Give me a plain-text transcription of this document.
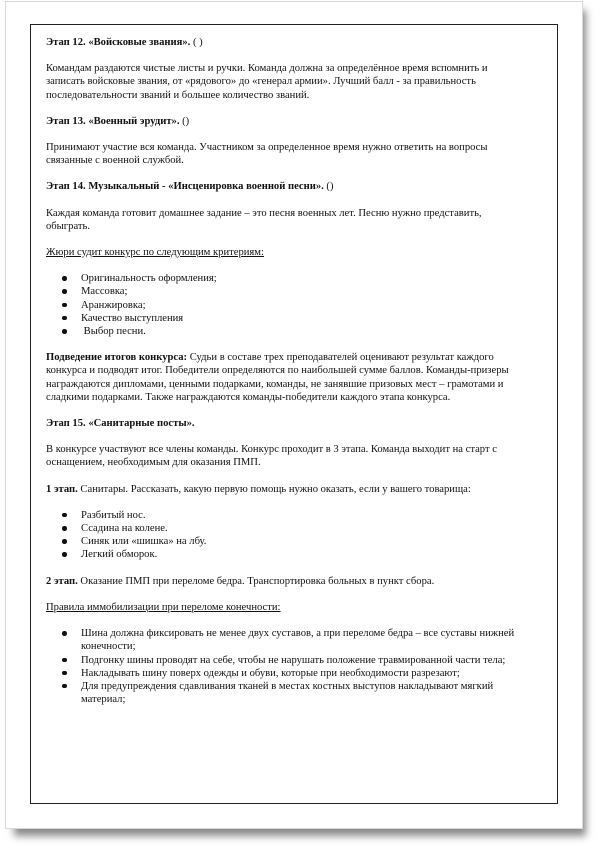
Этап 12. «Войсковые звания». ( )

Командам раздаются чистые листы и ручки. Команда должна за определённое время вспомнить и записать войсковые звания, от «рядового» до «генерал армии». Лучший балл - за правильность последовательности званий и большее количество званий.

Этап 13. «Военный эрудит». ()

Принимают участие вся команда. Участником за определенное время нужно ответить на вопросы связанные с военной службой.

Этап 14. Музыкальный - «Инсценировка военной песни». ()

Каждая команда готовит домашнее задание – это песня военных лет. Песню нужно представить, обыграть.

Жюри судит конкурс по следующим критериям:

Оригинальность оформления;
Массовка;
Аранжировка;
Качество выступления
Выбор песни.

Подведение итогов конкурса: Судьи в составе трех преподавателей оценивают результат каждого конкурса и подводят итог. Победители определяются по наибольшей сумме баллов. Команды-призеры награждаются дипломами, ценными подарками, команды, не занявшие призовых мест – грамотами и сладкими подарками. Также награждаются команды-победители каждого этапа конкурса.

Этап 15. «Санитарные посты».

В конкурсе участвуют все члены команды. Конкурс проходит в 3 этапа. Команда выходит на старт с оснащением, необходимым для оказания ПМП.

1 этап. Санитары. Рассказать, какую первую помощь нужно оказать, если у вашего товарища:

Разбитый нос.
Ссадина на колене.
Синяк или «шишка» на лбу.
Легкий обморок.

2 этап. Оказание ПМП при переломе бедра. Транспортировка больных в пункт сбора.

Правила иммобилизации при переломе конечности:

Шина должна фиксировать не менее двух суставов, а при переломе бедра – все суставы нижней конечности;
Подгонку шины проводят на себе, чтобы не нарушать положение травмированной части тела;
Накладывать шину поверх одежды и обуви, которые при необходимости разрезают;
Для предупреждения сдавливания тканей в местах костных выступов накладывают мягкий материал;
